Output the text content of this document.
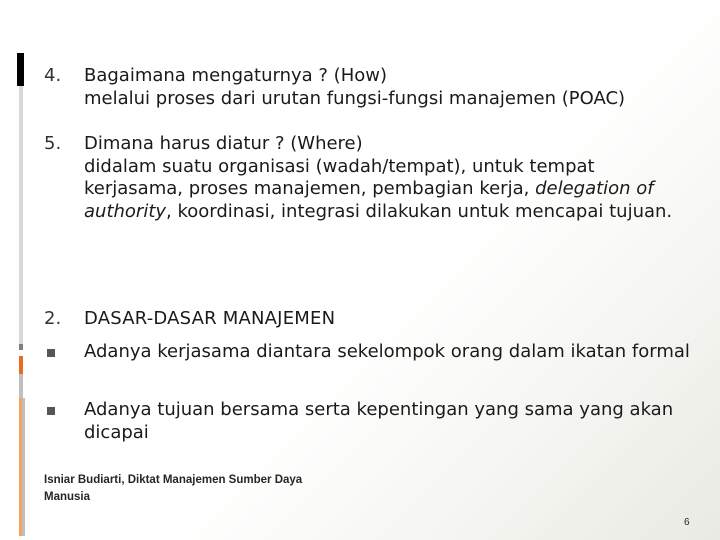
4. Bagaimana mengaturnya ? (How)
melalui proses dari urutan fungsi-fungsi manajemen (POAC)
5. Dimana harus diatur ? (Where)
didalam suatu organisasi (wadah/tempat), untuk tempat kerjasama, proses manajemen, pembagian kerja, delegation of authority, koordinasi, integrasi dilakukan untuk mencapai tujuan.
2. DASAR-DASAR MANAJEMEN
Adanya kerjasama diantara sekelompok orang dalam ikatan formal
Adanya tujuan bersama serta kepentingan yang sama yang akan dicapai
Isniar Budiarti, Diktat Manajemen Sumber Daya
Manusia
6
